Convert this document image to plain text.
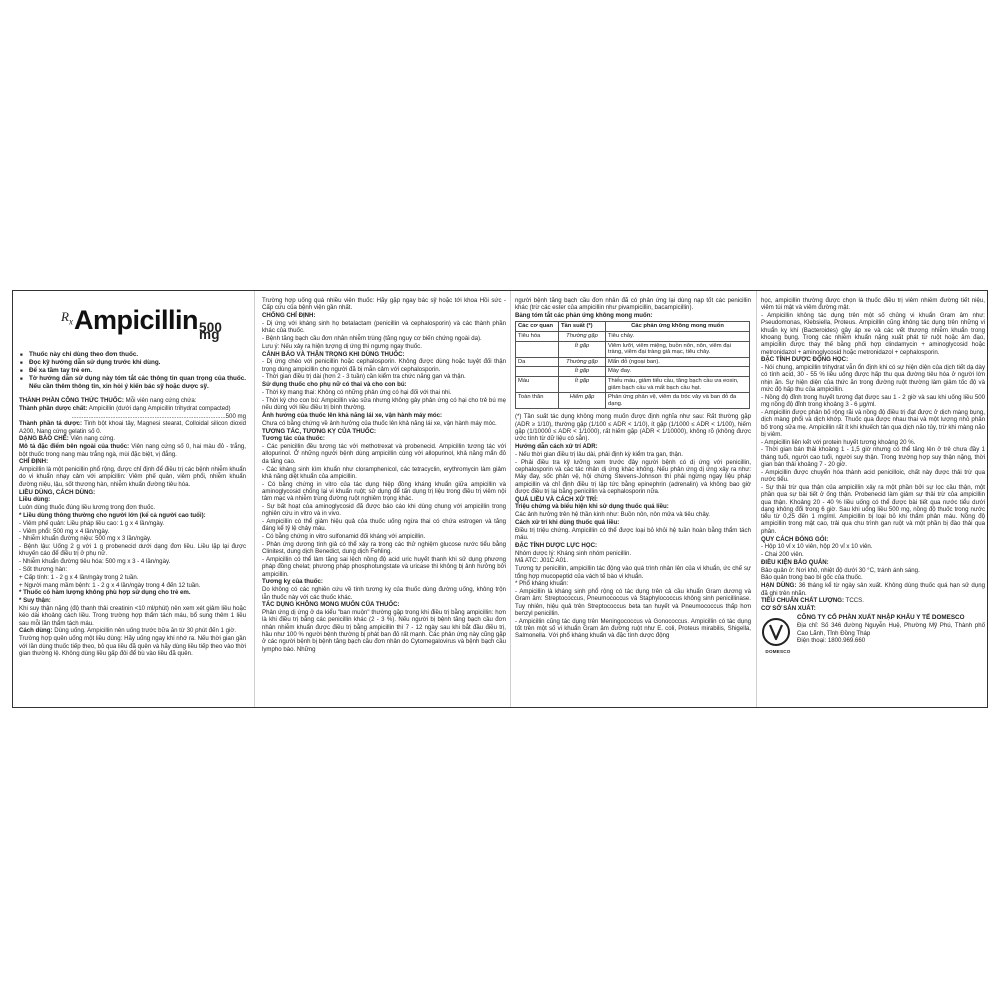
$R_x$ Ampicillin 500 mg
■ Thuốc này chỉ dùng theo đơn thuốc.
■ Đọc kỹ hướng dẫn sử dụng trước khi dùng.
■ Để xa tầm tay trẻ em.
■ Tờ hướng dẫn sử dụng này tóm tắt các thông tin quan trọng của thuốc. Nếu cần thêm thông tin, xin hỏi ý kiến bác sỹ hoặc dược sỹ.

THÀNH PHẦN CÔNG THỨC THUỐC: Mỗi viên nang cứng chứa:

Thành phần dược chất: Ampicillin (dưới dạng Ampicillin trihydrat compacted)

...........................................................................................500 mg

Thành phần tá dược: Tinh bột khoai tây, Magnesi stearat, Colloidal silicon dioxid A200, Nang cứng gelatin số 0.

DẠNG BÀO CHẾ: Viên nang cứng.

Mô tả đặc điểm bên ngoài của thuốc: Viên nang cứng số 0, hai màu đỏ - trắng, bột thuốc trong nang màu trắng ngà, mùi đặc biệt, vị đắng.

CHỈ ĐỊNH:

Ampicillin là một penicillin phổ rộng, được chỉ định để điều trị các bệnh nhiễm khuẩn do vi khuẩn nhạy cảm với ampicillin: Viêm phế quản, viêm phổi, nhiễm khuẩn đường niệu, lậu, sốt thương hàn, nhiễm khuẩn đường tiêu hóa.

LIỀU DÙNG, CÁCH DÙNG:

Liều dùng:

Luôn dùng thuốc đúng liều lương trong đơn thuốc.

* Liều dùng thông thường cho người lớn (kể cả người cao tuổi):

- Viêm phế quản: Liều pháp liều cao: 1 g x 4 lần/ngày.

- Viêm phổi: 500 mg x 4 lần/ngày.

- Nhiễm khuẩn đường niệu: 500 mg x 3 lần/ngày.

- Bệnh lậu: Uống 2 g với 1 g probenecid dưới dạng đơn liều. Liều lặp lại được khuyến cáo để điều trị ở phụ nữ.

- Nhiễm khuẩn đường tiêu hóa: 500 mg x 3 - 4 lần/ngày.

- Sốt thương hàn:

+ Cấp tính: 1 - 2 g x 4 lần/ngày trong 2 tuần.

+ Người mang mầm bệnh: 1 - 2 g x 4 lần/ngày trong 4 đến 12 tuần.

* Thuốc có hàm lượng không phù hợp sử dụng cho trẻ em.

* Suy thận:

Khi suy thận nặng (độ thanh thải creatinin <10 ml/phút) nên xem xét giảm liều hoặc kéo dài khoảng cách liều. Trong trường hợp thẩm tách máu, bổ sung thêm 1 liều sau mỗi lần thẩm tách máu.

Cách dùng: Dùng uống. Ampicillin nên uống trước bữa ăn từ 30 phút đến 1 giờ.

Trường hợp quên uống một liều dùng: Hãy uống ngay khi nhớ ra. Nếu thời gian gần với lần dùng thuốc tiếp theo, bỏ qua liều đã quên và hãy dùng liều tiếp theo vào thời gian thường lệ. Không dùng liều gấp đôi để bù vào liều đã quên.

Trường hợp uống quá nhiều viên thuốc: Hãy gặp ngay bác sỹ hoặc tới khoa Hồi sức - Cấp cứu của bệnh viện gần nhất.

CHỐNG CHỈ ĐỊNH:

- Dị ứng với kháng sinh họ betalactam (penicillin và cephalosporin) và các thành phần khác của thuốc.

- Bệnh tăng bạch cầu đơn nhân nhiễm trùng (tăng nguy cơ biến chứng ngoài da).

Lưu ý: Nếu xảy ra hiện tượng dị ứng thì ngưng ngay thuốc.

CẢNH BÁO VÀ THẬN TRỌNG KHI DÙNG THUỐC:

- Dị ứng chéo với penicillin hoặc cephalosporin. Không được dùng hoặc tuyệt đối thận trọng dùng ampicillin cho người đã bị mẫn cảm với cephalosporin.

- Thời gian điều trị dài (hơn 2 - 3 tuần) cần kiểm tra chức năng gan và thận.

Sử dụng thuốc cho phụ nữ có thai và cho con bú:

- Thời kỳ mang thai: Không có những phản ứng có hại đối với thai nhi.

- Thời kỳ cho con bú: Ampicillin vào sữa nhưng không gây phản ứng có hại cho trẻ bú mẹ nếu dùng với liều điều trị bình thường.

Ảnh hưởng của thuốc lên khả năng lái xe, vận hành máy móc:

Chưa có bằng chứng về ảnh hưởng của thuốc lên khả năng lái xe, vận hành máy móc.

TƯƠNG TÁC, TƯƠNG KỴ CỦA THUỐC:

Tương tác của thuốc:

- Các penicillin đều tương tác với methotrexat và probenecid. Ampicillin tương tác với allopurinol. Ở những người bệnh dùng ampicillin cùng với allopurinol, khả năng mẩn đỏ da tăng cao.

- Các kháng sinh kìm khuẩn như cloramphenicol, các tetracyclin, erythromycin làm giảm khả năng diệt khuẩn của ampicillin.

- Có bằng chứng in vitro của tác dụng hiệp đồng kháng khuẩn giữa ampicillin và aminoglycosid chống lại vi khuẩn ruột; sử dụng để tấn dụng trị liệu trong điều trị viêm nội tâm mạc và nhiễm trùng đường ruột nghiêm trọng khác.

- Sự bất hoạt của aminoglycosid đã được báo cáo khi dùng chung với ampicillin trong nghiên cứu in vitro và in vivo.

- Ampicillin có thể giảm hiệu quả của thuốc uống ngừa thai có chứa estrogen và tăng đáng kể tỷ lệ chảy máu.

- Có bằng chứng in vitro sulfonamid đối kháng với ampicillin.

- Phản ứng dương tính giả có thể xảy ra trong các thử nghiệm glucose nước tiểu bằng Clinitest, dung dịch Benedict, dung dịch Fehling.

- Ampicillin có thể làm tăng sai lệch nồng độ acid uric huyết thanh khi sử dụng phương pháp đồng chelat; phương pháp phosphotungstate và uricase thì không bị ảnh hưởng bởi ampicillin.

Tương kỵ của thuốc:

Do không có các nghiên cứu về tính tương kỵ của thuốc dùng đường uống, không trộn lẫn thuốc này với các thuốc khác.

TÁC DỤNG KHÔNG MONG MUỐN CỦA THUỐC:

Phản ứng dị ứng ở da kiểu "ban muộn" thường gặp trong khi điều trị bằng ampicillin: hơn là khi điều trị bằng các penicillin khác (2 - 3 %). Nếu người bị bệnh tăng bạch cầu đơn nhân nhiễm khuẩn được điều trị bằng ampicillin thì 7 - 12 ngày sau khi bắt đầu điều trị, hầu như 100 % người bệnh thường bị phát ban đỏ rất mạnh. Các phản ứng này cũng gặp ở các người bệnh bị bệnh tăng bạch cầu đơn nhân do Cytomegalovirus và bệnh bạch cầu lympho bào. Những

người bệnh tăng bạch cầu đơn nhân đã có phản ứng lại dùng nạp tốt các penicillin khác (trừ các ester của ampicillin như pivampicillin, bacampicillin).

Bảng tóm tắt các phản ứng không mong muốn:

Các cơ quan	Tần suất (*)	Các phản ứng không mong muốn
Tiêu hóa	Thường gặp	Tiêu chảy.
	Ít gặp	Viêm lưỡi, viêm miệng, buồn nôn, nôn, viêm đại tràng, viêm đại tràng giả mạc, tiêu chảy.
Da	Thường gặp	Mẩn đỏ (ngoại ban).
	Ít gặp	Mày đay.
Máu	Ít gặp	Thiếu máu, giảm tiểu cầu, tăng bạch cầu ưa eosin, giảm bạch cầu và mất bạch cầu hạt.
Toàn thân	Hiếm gặp	Phản ứng phản vệ, viêm da tróc vảy và ban đỏ đa dạng.

(*) Tần suất tác dụng không mong muốn được định nghĩa như sau: Rất thường gặp (ADR ≥ 1/10), thường gặp (1/100 ≤ ADR < 1/10), ít gặp (1/1000 ≤ ADR < 1/100), hiếm gặp (1/10000 ≤ ADR < 1/1000), rất hiếm gặp (ADR < 1/10000), không rõ (không được ước tính từ dữ liệu có sẵn).

Hướng dẫn cách xử trí ADR:

- Nếu thời gian điều trị lâu dài, phải định kỳ kiểm tra gan, thận.

- Phải điều tra kỹ lưỡng xem trước đây người bệnh có dị ứng với penicillin, cephalosporin và các tác nhân dị ứng khác không. Nếu phản ứng dị ứng xảy ra như: Mày đay, sốc phản vệ, hội chứng Stevens-Johnson thì phải ngừng ngay liệu pháp ampicillin và chỉ định điều trị lập tức bằng epinephrin (adrenalin) và không bao giờ được điều trị lại bằng penicillin và cephalosporin nữa.

QUÁ LIỀU VÀ CÁCH XỬ TRÍ:

Triệu chứng và biểu hiện khi sử dụng thuốc quá liều:

Các ảnh hưởng trên hệ thần kinh như: Buồn nôn, nôn mửa và tiêu chảy.

Cách xử trí khi dùng thuốc quá liều:

Điều trị triệu chứng. Ampicillin có thể được loại bỏ khỏi hệ tuần hoàn bằng thẩm tách máu.

ĐẶC TÍNH DƯỢC LỰC HỌC:

Nhóm dược lý: Kháng sinh nhóm penicillin.

Mã ATC: J01C A01.

Tương tự penicillin, ampicillin tác động vào quá trình nhân lên của vi khuẩn, ức chế sự tổng hợp mucopeptid của vách tế bào vi khuẩn.

* Phổ kháng khuẩn:

- Ampicillin là kháng sinh phổ rộng có tác dụng trên cả cầu khuẩn Gram dương và Gram âm: Streptococcus, Pneumococcus và Staphylococcus không sinh penicillinase. Tuy nhiên, hiệu quả trên Streptococcus beta tan huyết và Pneumococcus thấp hơn benzyl penicillin.

- Ampicillin cũng tác dụng trên Meningococcus và Gonococcus. Ampicillin có tác dụng tốt trên một số vi khuẩn Gram âm đường ruột như E. coli, Proteus mirabilis, Shigella, Salmonella. Với phổ kháng khuẩn và đặc tính dược động

học, ampicillin thường được chọn là thuốc điều trị viêm nhiễm đường tiết niệu, viêm túi mật và viêm đường mật.

- Ampicillin không tác dụng trên một số chủng vi khuẩn Gram âm như: Pseudomonas, Klebsiella, Proteus. Ampicillin cũng không tác dụng trên những vi khuẩn kỵ khí (Bacteroides) gây áp xe và các vết thương nhiễm khuẩn trong khoang bụng. Trong các nhiễm khuẩn nặng xuất phát từ ruột hoặc âm đạo, ampicillin được thay thế bằng phối hợp clindamycin + aminoglycosid hoặc metronidazol + aminoglycosid hoặc metronidazol + cephalosporin.

ĐẶC TÍNH DƯỢC ĐỘNG HỌC:

- Nói chung, ampicillin trihydrat vẫn ổn định khi có sự hiện diện của dịch tiết dạ dày có tính acid, 30 - 55 % liều uống được hấp thu qua đường tiêu hóa ở người lớn nhịn ăn. Sự hiện diện của thức ăn trong đường ruột thường làm giảm tốc độ và mức độ hấp thu của ampicillin.

- Nồng độ đỉnh trong huyết tương đạt được sau 1 - 2 giờ và sau khi uống liều 500 mg nồng độ đỉnh trong khoảng 3 - 6 μg/ml.

- Ampicillin được phân bố rộng rãi và nồng độ điều trị đạt được ở dịch màng bụng, dịch màng phổi và dịch khớp. Thuốc qua được nhau thai và một lượng nhỏ phân bố trong sữa mẹ. Ampicillin rất ít khi khuếch tán qua dịch não tủy, trừ khi màng não bị viêm.

- Ampicillin liên kết với protein huyết tương khoảng 20 %.

- Thời gian bán thải khoảng 1 - 1,5 giờ nhưng có thể tăng lên ở trẻ chưa đầy 1 tháng tuổi, người cao tuổi, người suy thận. Trong trường hợp suy thận nặng, thời gian bán thải khoảng 7 - 20 giờ.

- Ampicillin được chuyển hóa thành acid penicilloic, chất này được thải trừ qua nước tiểu.

- Sự thải trừ qua thận của ampicillin xảy ra một phần bởi sự lọc cầu thận, một phần qua sự bài tiết ở ống thận. Probenecid làm giảm sự thải trừ của ampicillin qua thận. Khoảng 20 - 40 % liều uống có thể được bài tiết qua nước tiểu dưới dạng không đổi trong 6 giờ. Sau khi uống liều 500 mg, nồng độ thuốc trong nước tiểu từ 0,25 đến 1 mg/ml. Ampicillin bị loại bỏ khi thẩm phân máu. Nồng độ ampicillin trong mật cao, trải qua chu trình gan ruột và một phần bị đào thải qua phân.

QUY CÁCH ĐÓNG GÓI:

- Hộp 10 vỉ x 10 viên, hộp 20 vỉ x 10 viên.

- Chai 200 viên.

ĐIỀU KIỆN BẢO QUẢN:

Bảo quản ở: Nơi khô, nhiệt độ dưới 30 °C, tránh ánh sáng.

Bảo quản trong bao bì gốc của thuốc.

HẠN DÙNG: 36 tháng kể từ ngày sản xuất. Không dùng thuốc quá hạn sử dụng đã ghi trên nhãn.

TIÊU CHUẨN CHẤT LƯỢNG: TCCS.

CƠ SỞ SẢN XUẤT:

DOMESCO

CÔNG TY CỔ PHẦN XUẤT NHẬP KHẨU Y TẾ DOMESCO

Địa chỉ: Số 346 đường Nguyễn Huệ, Phường Mỹ Phú, Thành phố Cao Lãnh, Tỉnh Đồng Tháp

Điện thoại: 1800.969.660
